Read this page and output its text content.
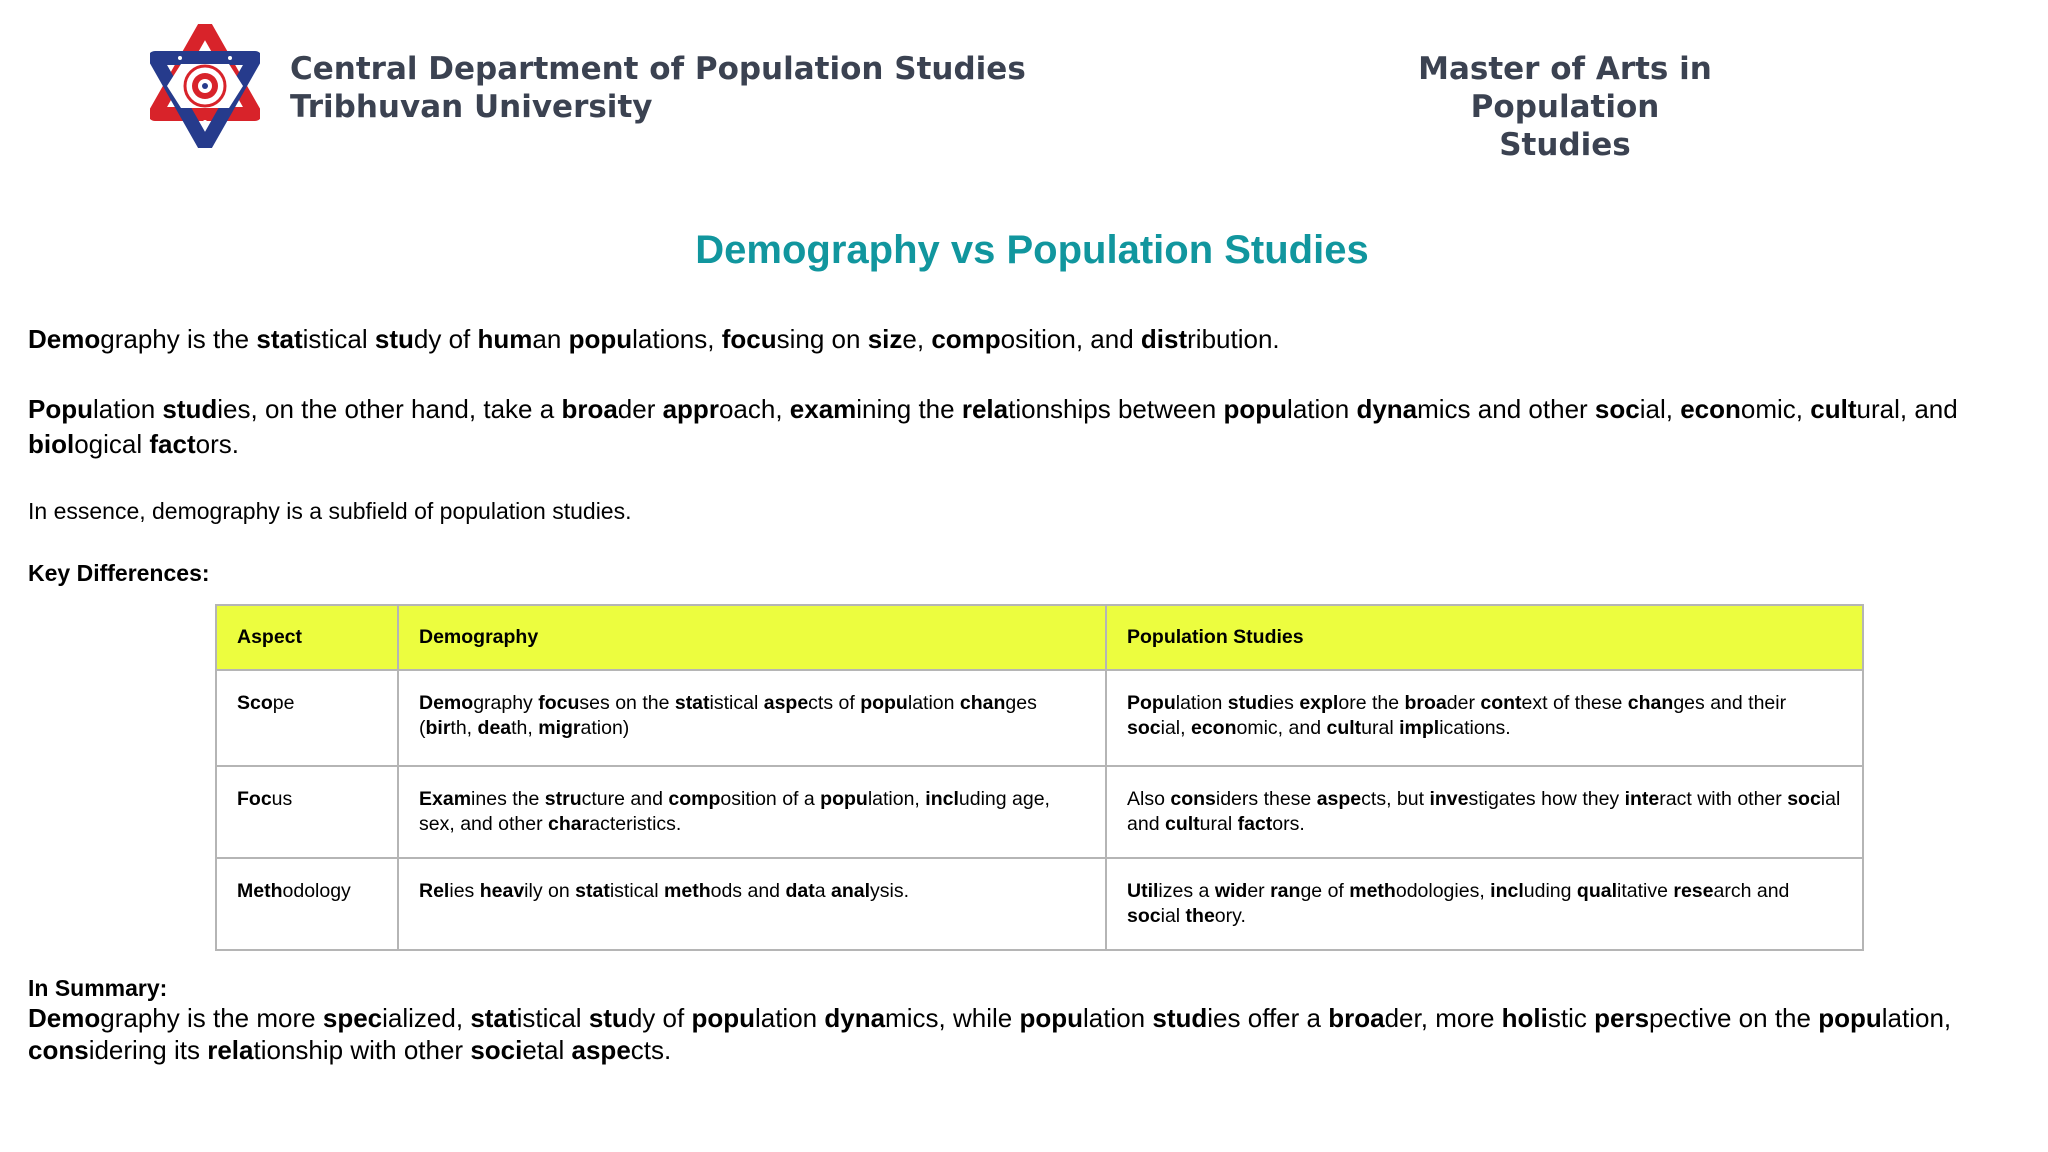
Central Department of Population Studies
Tribhuvan University
Master of Arts in Population
Studies
Demography vs Population Studies

Demography is the statistical study of human populations, focusing on size, composition, and distribution.

Population studies, on the other hand, take a broader approach, examining the relationships between population dynamics and other social, economic, cultural, and biological factors.

In essence, demography is a subfield of population studies.

Key Differences:

Aspect	Demography	Population Studies
Scope	Demography focuses on the statistical aspects of population changes (birth, death, migration)	Population studies explore the broader context of these changes and their social, economic, and cultural implications.
Focus	Examines the structure and composition of a population, including age, sex, and other characteristics.	Also considers these aspects, but investigates how they interact with other social and cultural factors.
Methodology	Relies heavily on statistical methods and data analysis.	Utilizes a wider range of methodologies, including qualitative research and social theory.

In Summary:

Demography is the more specialized, statistical study of population dynamics, while population studies offer a broader, more holistic perspective on the population, considering its relationship with other societal aspects.
